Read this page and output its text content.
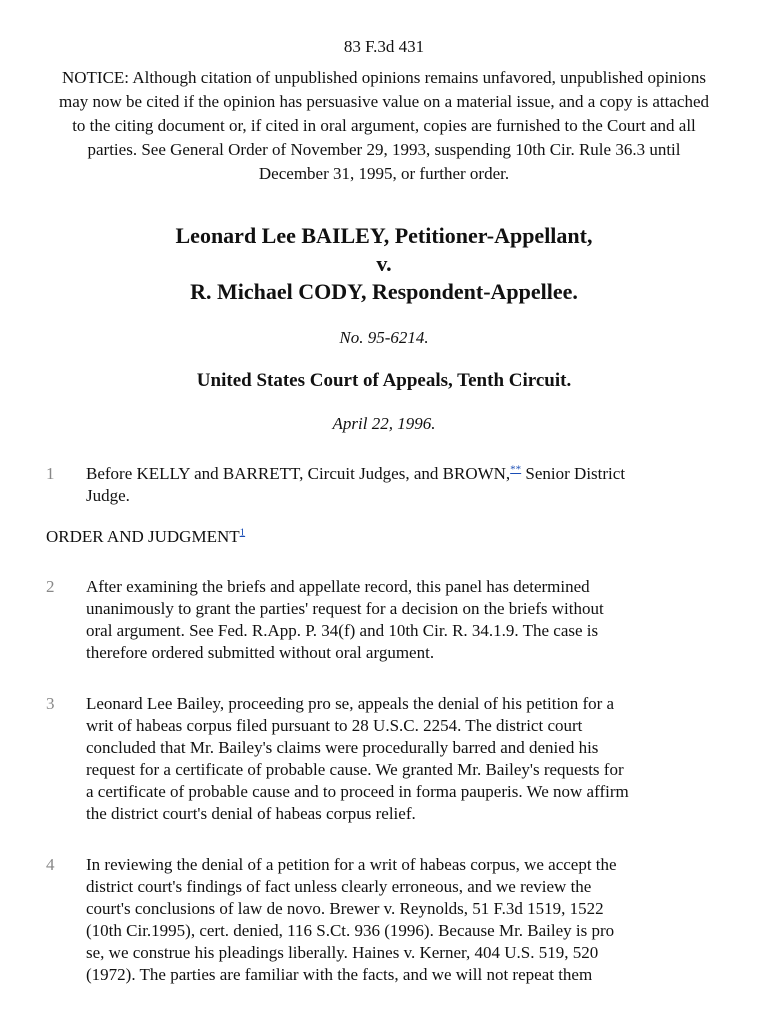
83 F.3d 431
NOTICE: Although citation of unpublished opinions remains unfavored, unpublished opinions may now be cited if the opinion has persuasive value on a material issue, and a copy is attached to the citing document or, if cited in oral argument, copies are furnished to the Court and all parties. See General Order of November 29, 1993, suspending 10th Cir. Rule 36.3 until December 31, 1995, or further order.
Leonard Lee BAILEY, Petitioner-Appellant,
v.
R. Michael CODY, Respondent-Appellee.
No. 95-6214.
United States Court of Appeals, Tenth Circuit.
April 22, 1996.
1 Before KELLY and BARRETT, Circuit Judges, and BROWN,** Senior District
Judge.
ORDER AND JUDGMENT$^1$
2 After examining the briefs and appellate record, this panel has determined
unanimously to grant the parties' request for a decision on the briefs without
oral argument. See Fed. R.App. P. 34(f) and 10th Cir. R. 34.1.9. The case is
therefore ordered submitted without oral argument.
3 Leonard Lee Bailey, proceeding pro se, appeals the denial of his petition for a
writ of habeas corpus filed pursuant to 28 U.S.C. 2254. The district court
concluded that Mr. Bailey's claims were procedurally barred and denied his
request for a certificate of probable cause. We granted Mr. Bailey's requests for
a certificate of probable cause and to proceed in forma pauperis. We now affirm
the district court's denial of habeas corpus relief.
4 In reviewing the denial of a petition for a writ of habeas corpus, we accept the
district court's findings of fact unless clearly erroneous, and we review the
court's conclusions of law de novo. Brewer v. Reynolds, 51 F.3d 1519, 1522
(10th Cir.1995), cert. denied, 116 S.Ct. 936 (1996). Because Mr. Bailey is pro
se, we construe his pleadings liberally. Haines v. Kerner, 404 U.S. 519, 520
(1972). The parties are familiar with the facts, and we will not repeat them
